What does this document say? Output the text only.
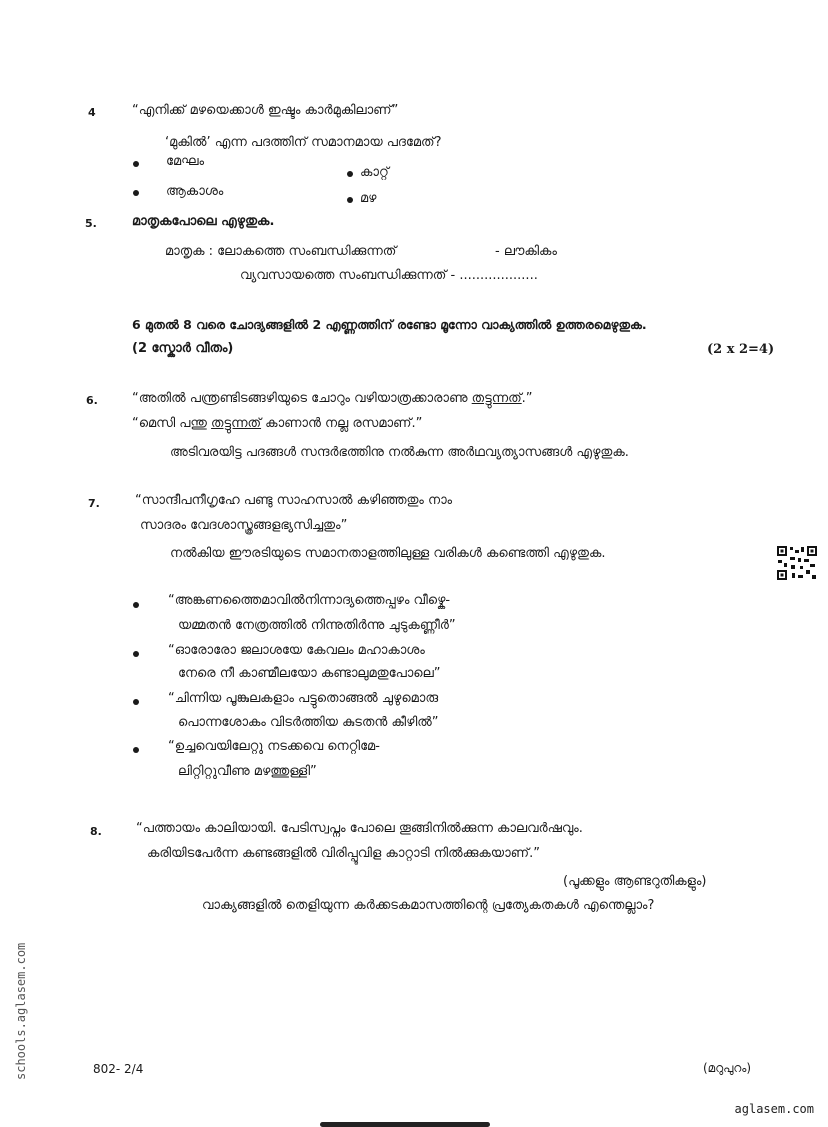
4	“എനിക്ക് മഴയെക്കാൾ ഇഷ്ടം കാർമുകിലാണ്”
‘മുകിൽ’ എന്ന പദത്തിന് സമാനമായ പദമേത്?
മേഘം
കാറ്റ്
ആകാശം	മഴ
5.	മാതൃകപോലെ എഴുതുക.
മാതൃക : ലോകത്തെ സംബന്ധിക്കുന്നത്	- ലൗകികം
വ്യവസായത്തെ സംബന്ധിക്കുന്നത് - ...................
6 മുതൽ 8 വരെ ചോദ്യങ്ങളിൽ 2 എണ്ണത്തിന് രണ്ടോ മൂന്നോ വാക്യത്തിൽ ഉത്തരമെഴുതുക.
(2 സ്കോർ വീതം)	(2 x 2=4)
6.	“അതിൽ പന്ത്രണ്ടിടങ്ങഴിയുടെ ചോറും വഴിയാത്രക്കാരാണു തട്ടുന്നത്.”
“മെസി പന്തു തട്ടുന്നത് കാണാൻ നല്ല രസമാണ്.”
അടിവരയിട്ട പദങ്ങൾ സന്ദർഭത്തിനു നൽകുന്ന അർഥവ്യത്യാസങ്ങൾ എഴുതുക.
7.	“സാന്ദീപനീഗൃഹേ പണ്ടു സാഹസാൽ കഴിഞ്ഞതും നാം
സാദരം വേദശാസ്ത്രങ്ങളഭ്യസിച്ചതും”
നൽകിയ ഈരടിയുടെ സമാനതാളത്തിലുള്ള വരികൾ കണ്ടെത്തി എഴുതുക.
“അങ്കണത്തൈമാവിൽനിന്നാദ്യത്തെപ്പഴം വീഴ്കെ-
യമ്മതൻ നേത്രത്തിൽ നിന്നുതിർന്നു ചുടുകണ്ണീർ”
“ഓരോരോ ജലാശയേ കേവലം മഹാകാശം
നേരെ നീ കാണ്മീലയോ കണ്ടാലുമതുപോലെ”
“ചിന്നിയ പൂങ്കുലകളാം പട്ടുതൊങ്ങൽ ചുഴുമൊരു
പൊന്നശോകം വിടർത്തിയ കുടതൻ കീഴിൽ”
“ഉച്ചവെയിലേറ്റു നടക്കവെ നെറ്റിമേ-
ലിറ്റിറ്റുവീണു മഴത്തുള്ളി”
8.	“പത്തായം കാലിയായി. പേടിസ്വപ്നം പോലെ തൂങ്ങിനിൽക്കുന്ന കാലവർഷവും.
കരിയിടപേർന്ന കണ്ടങ്ങളിൽ വിരിപ്പൂവിള കാറ്റാടി നിൽക്കുകയാണ്.”
(പൂക്കളും ആണ്ടറുതികളും)
വാക്യങ്ങളിൽ തെളിയുന്ന കർക്കടകമാസത്തിന്റെ പ്രത്യേകതകൾ എന്തെല്ലാം?
802- 2/4	(മറുപുറം)
schools.aglasem.com
aglasem.com
